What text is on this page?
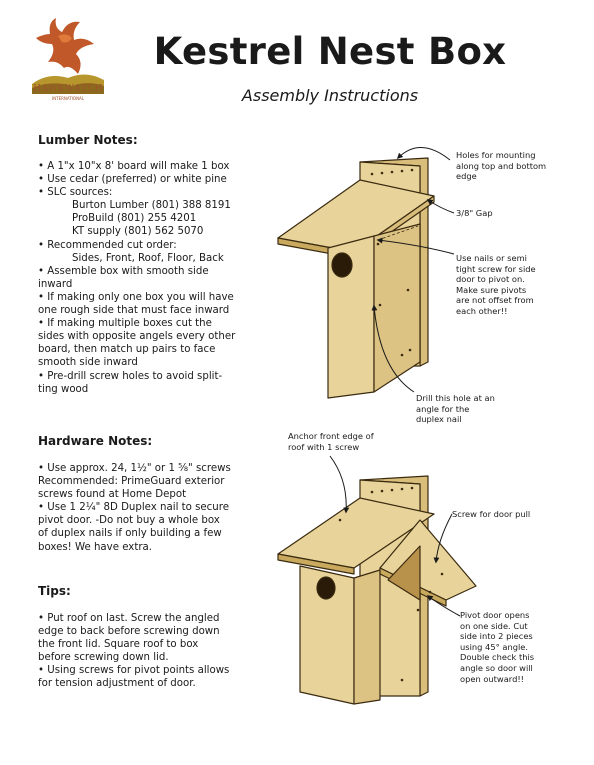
HAWKWATCH
INTERNATIONAL
Kestrel Nest Box
Assembly Instructions
Lumber Notes:
• A 1"x 10"x 8' board will make 1 box
• Use cedar (preferred) or white pine
• SLC sources:
Burton Lumber (801) 388 8191
ProBuild (801) 255 4201
KT supply (801) 562 5070
• Recommended cut order:
Sides, Front, Roof, Floor, Back
• Assemble box with smooth side
inward
• If making only one box you will have
one rough side that must face inward
• If making multiple boxes cut the
sides with opposite angels every other
board, then match up pairs to face
smooth side inward
• Pre-drill screw holes to avoid split-
ting wood
Hardware Notes:
• Use approx. 24, 1½" or 1 ⅝" screws
Recommended: PrimeGuard exterior
screws found at Home Depot
• Use 1 2¼" 8D Duplex nail to secure
pivot door. -Do not buy a whole box
of duplex nails if only building a few
boxes! We have extra.
Tips:
• Put roof on last. Screw the angled
edge to back before screwing down
the front lid. Square roof to box
before screwing down lid.
• Using screws for pivot points allows
for tension adjustment of door.
Holes for mounting
along top and bottom
edge
3/8" Gap
Use nails or semi
tight screw for side
door to pivot on.
Make sure pivots
are not offset from
each other!!
Drill this hole at an
angle for the
duplex nail
Anchor front edge of
roof with 1 screw
Screw for door pull
Pivot door opens
on one side. Cut
side into 2 pieces
using 45° angle.
Double check this
angle so door will
open outward!!
